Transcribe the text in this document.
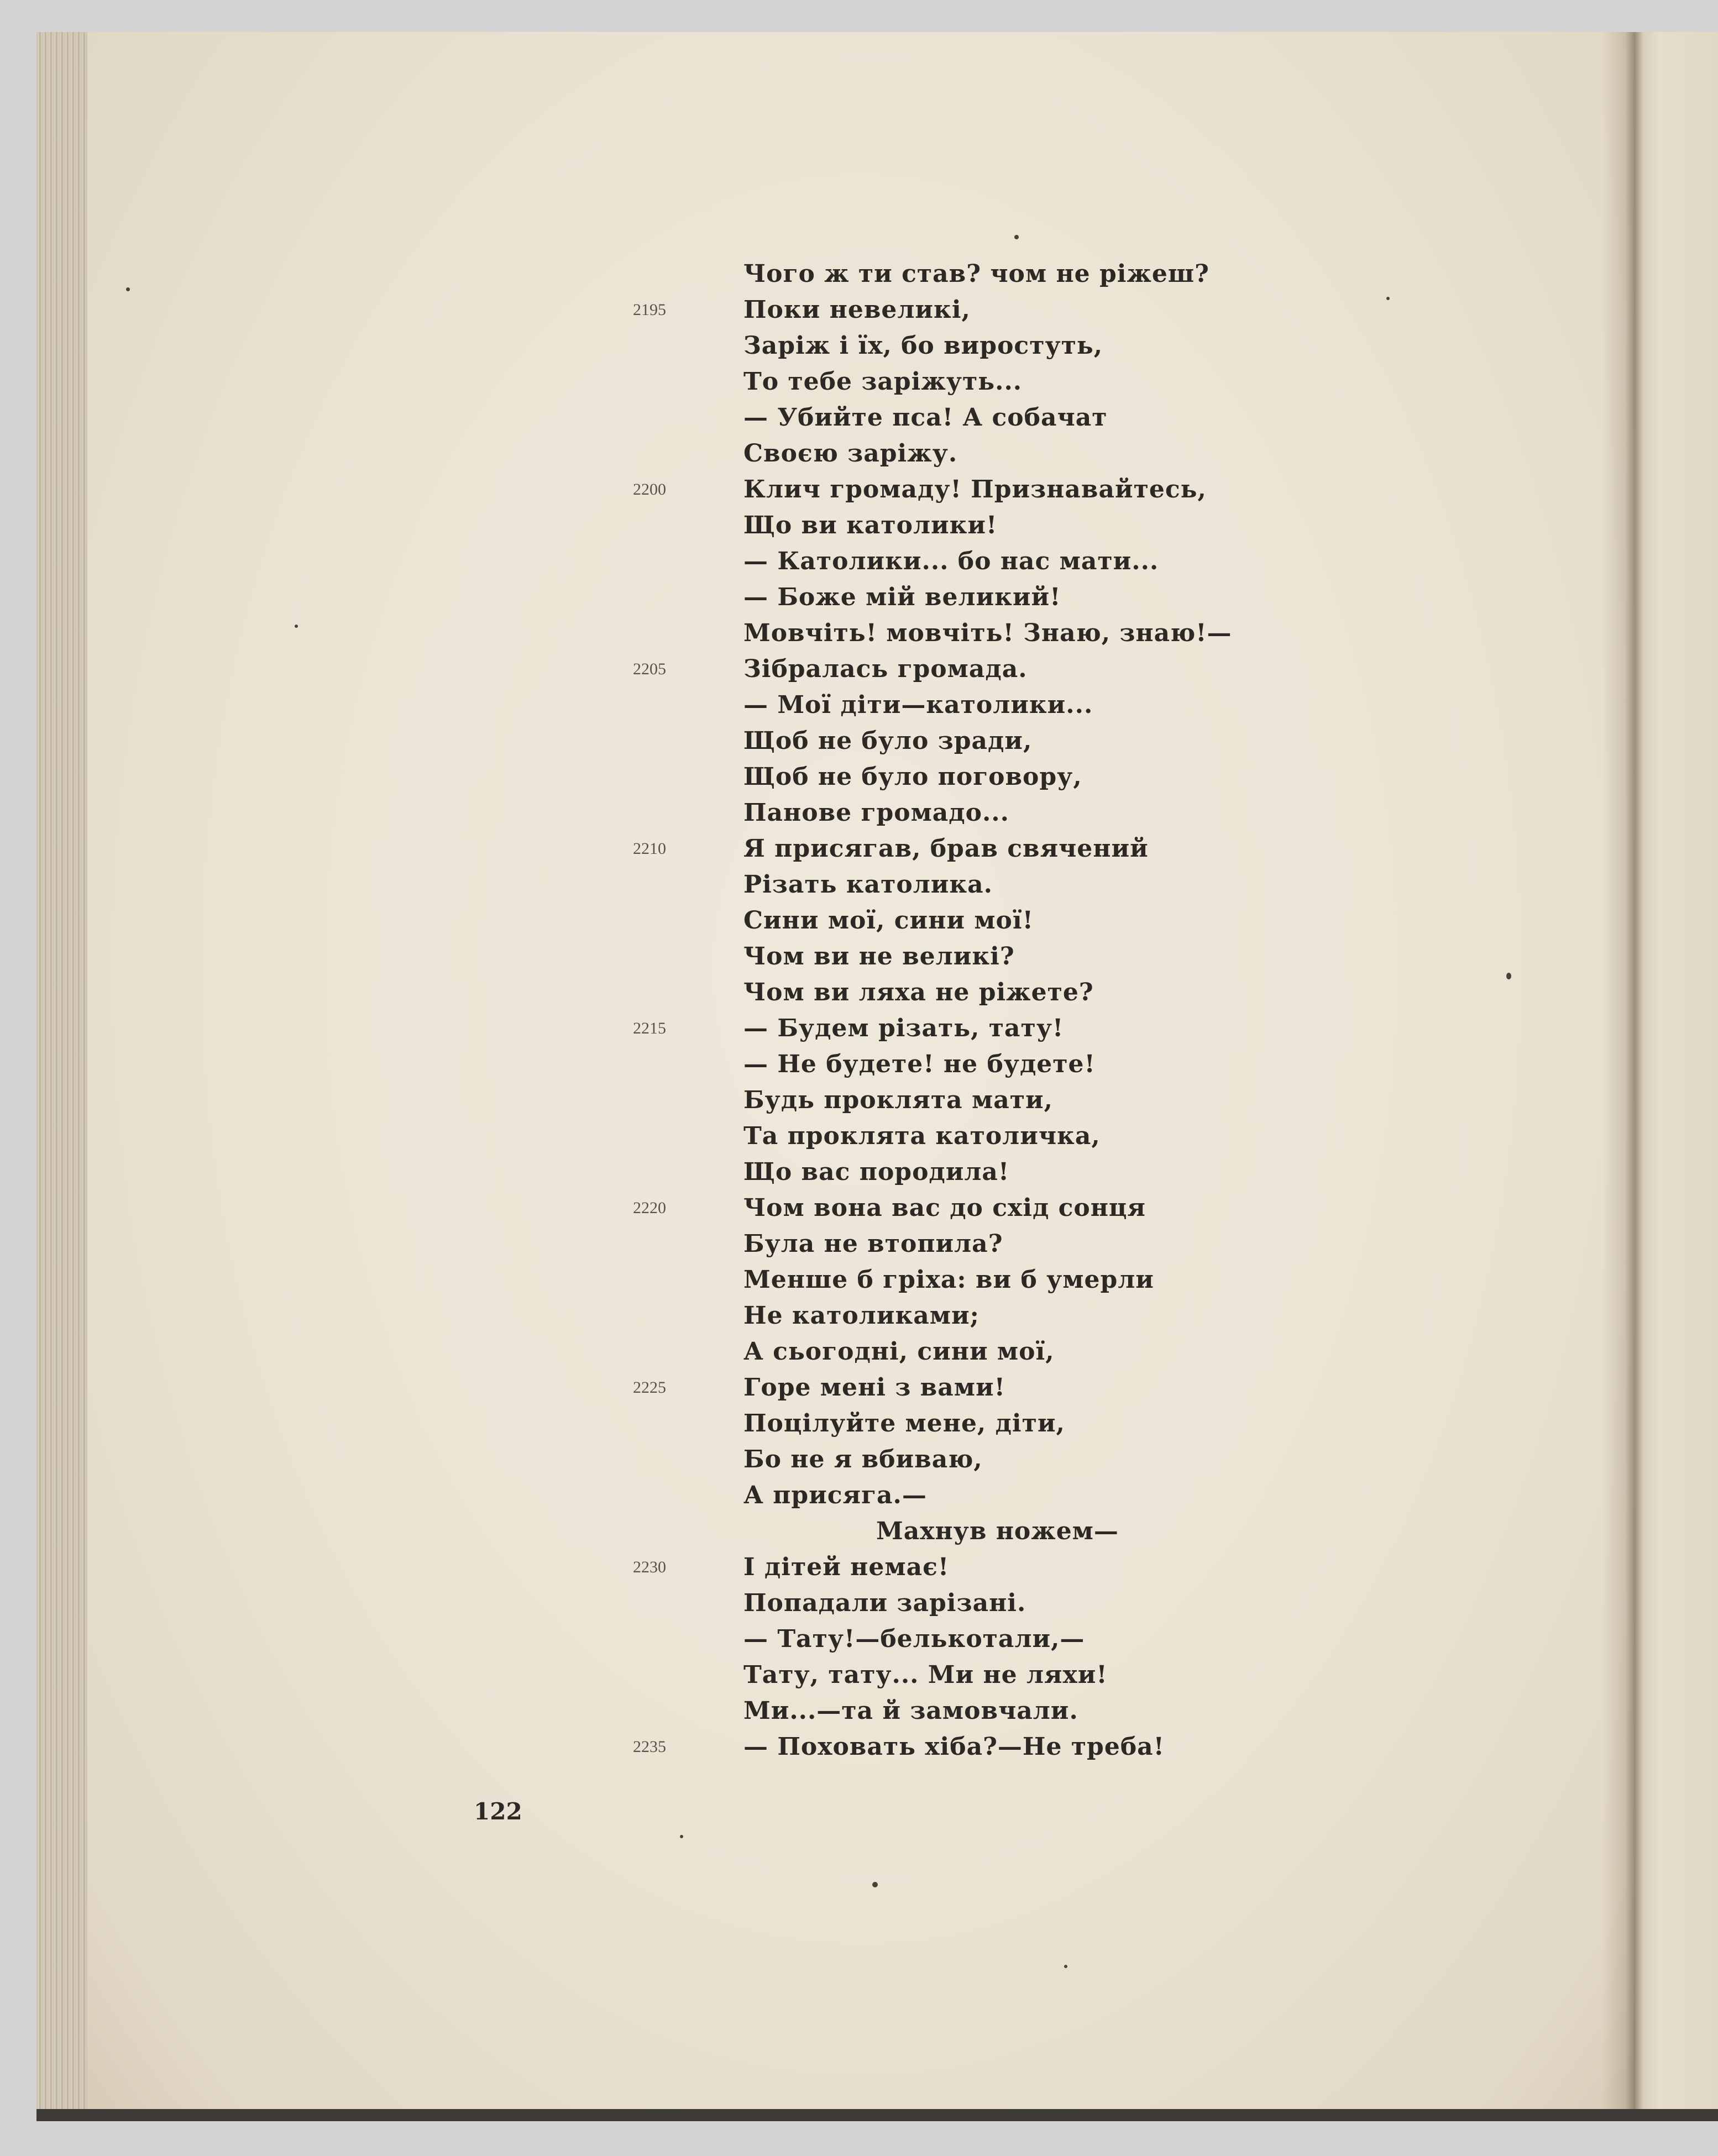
Чого ж ти став? чом не ріжеш?
2195	Поки невеликі,
Заріж і їх, бо виростуть,
То тебе заріжуть...
— Убийте пса! А собачат
Своєю заріжу.
2200	Клич громаду! Признавайтесь,
Що ви католики!
— Католики... бо нас мати...
— Боже мій великий!
Мовчіть! мовчіть! Знаю, знаю!—
2205	Зібралась громада.
— Мої діти—католики...
Щоб не було зради,
Щоб не було поговору,
Панове громадо...
2210	Я присягав, брав свячений
Різать католика.
Сини мої, сини мої!
Чом ви не великі?
Чом ви ляха не ріжете?
2215	— Будем різать, тату!
— Не будете! не будете!
Будь проклята мати,
Та проклята католичка,
Що вас породила!
2220	Чом вона вас до схід сонця
Була не втопила?
Менше б гріха: ви б умерли
Не католиками;
А сьогодні, сини мої,
2225	Горе мені з вами!
Поцілуйте мене, діти,
Бо не я вбиваю,
А присяга.—
Махнув ножем—
2230	І дітей немає!
Попадали зарізані.
— Тату!—белькотали,—
Тату, тату... Ми не ляхи!
Ми...—та й замовчали.
2235	— Поховать хіба?—Не треба!
122
